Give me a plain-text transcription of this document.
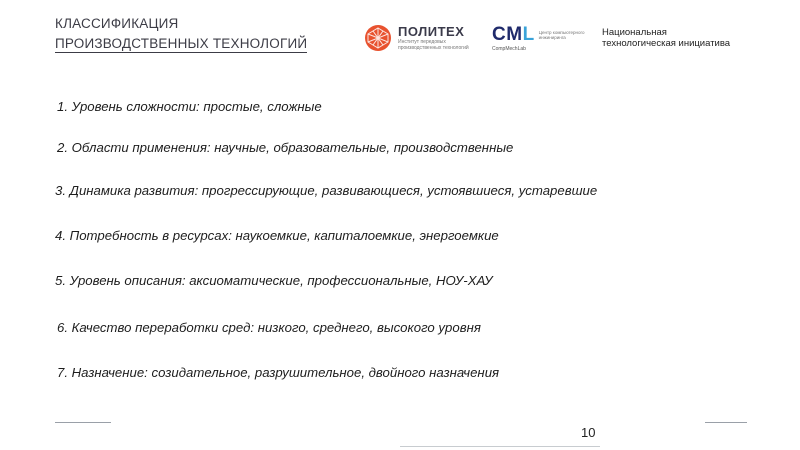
КЛАССИФИКАЦИЯ
ПРОИЗВОДСТВЕННЫХ ТЕХНОЛОГИЙ
ПОЛИТЕХ
Институт передовых производственных технологий
CML Центр компьютерного инжиниринга
CompMechLab
Национальная
технологическая инициатива
1. Уровень сложности: простые, сложные
2. Области применения: научные, образовательные, производственные
3. Динамика развития: прогрессирующие, развивающиеся, устоявшиеся, устаревшие
4. Потребность в ресурсах: наукоемкие, капиталоемкие, энергоемкие
5. Уровень описания: аксиоматические, профессиональные, НОУ-ХАУ
6. Качество переработки сред: низкого, среднего, высокого уровня
7. Назначение: созидательное, разрушительное, двойного назначения
10
